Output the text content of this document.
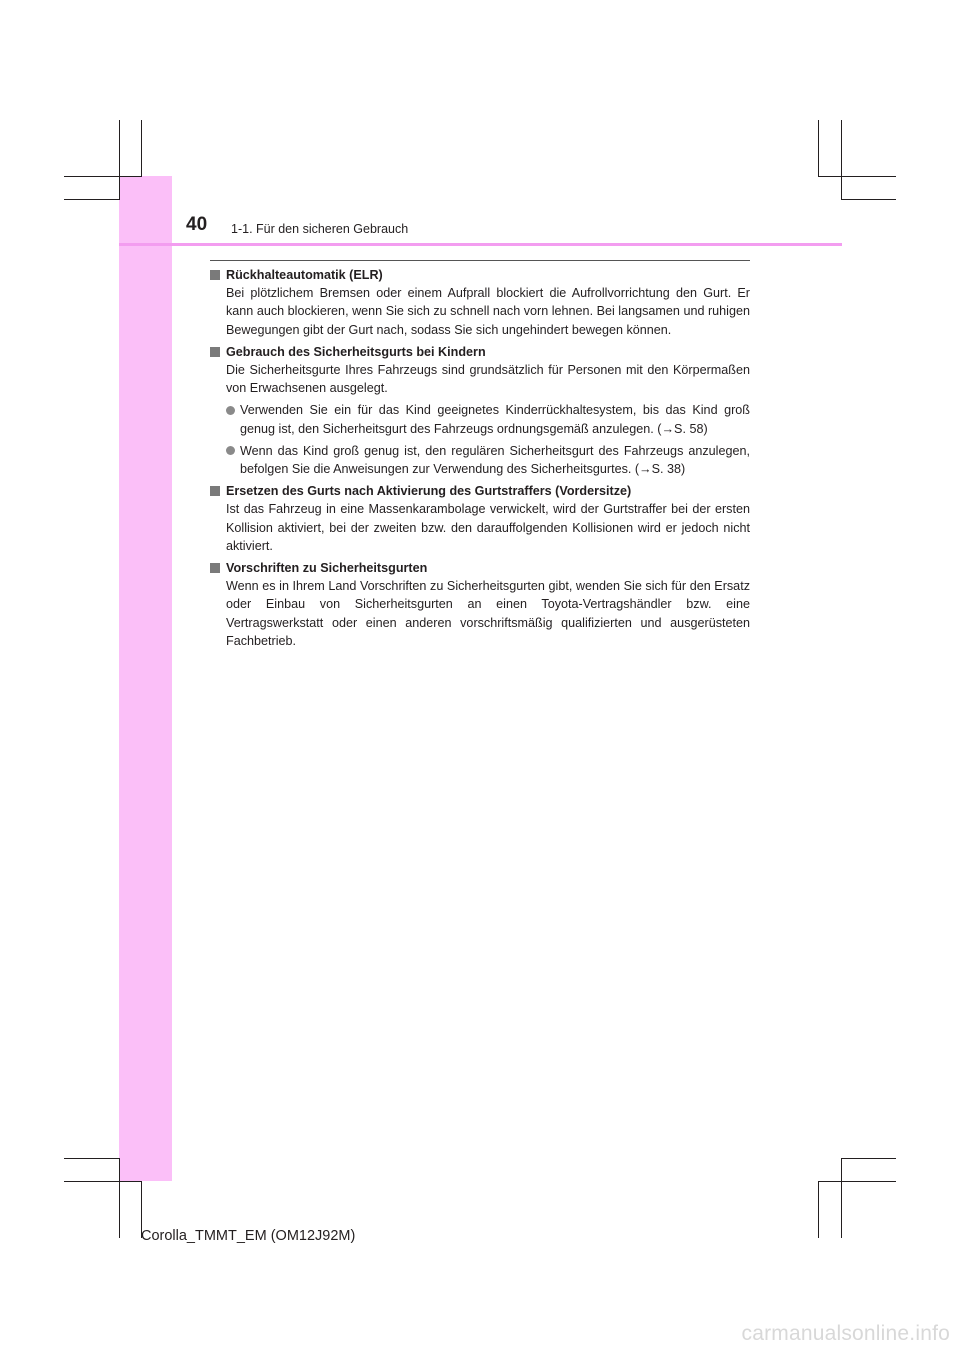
40 1-1. Für den sicheren Gebrauch
Rückhalteautomatik (ELR)
Bei plötzlichem Bremsen oder einem Aufprall blockiert die Aufrollvorrichtung den Gurt. Er kann auch blockieren, wenn Sie sich zu schnell nach vorn lehnen. Bei langsamen und ruhigen Bewegungen gibt der Gurt nach, sodass Sie sich ungehindert bewegen können.
Gebrauch des Sicherheitsgurts bei Kindern
Die Sicherheitsgurte Ihres Fahrzeugs sind grundsätzlich für Personen mit den Körpermaßen von Erwachsenen ausgelegt.
Verwenden Sie ein für das Kind geeignetes Kinderrückhaltesystem, bis das Kind groß genug ist, den Sicherheitsgurt des Fahrzeugs ordnungsgemäß anzulegen. (→S. 58)
Wenn das Kind groß genug ist, den regulären Sicherheitsgurt des Fahrzeugs anzulegen, befolgen Sie die Anweisungen zur Verwendung des Sicherheitsgurtes. (→S. 38)
Ersetzen des Gurts nach Aktivierung des Gurtstraffers (Vordersitze)
Ist das Fahrzeug in eine Massenkarambolage verwickelt, wird der Gurtstraffer bei der ersten Kollision aktiviert, bei der zweiten bzw. den darauffolgenden Kollisionen wird er jedoch nicht aktiviert.
Vorschriften zu Sicherheitsgurten
Wenn es in Ihrem Land Vorschriften zu Sicherheitsgurten gibt, wenden Sie sich für den Ersatz oder Einbau von Sicherheitsgurten an einen Toyota-Vertragshändler bzw. eine Vertragswerkstatt oder einen anderen vorschriftsmäßig qualifizierten und ausgerüsteten Fachbetrieb.
Corolla_TMMT_EM (OM12J92M)
carmanualsonline.info
